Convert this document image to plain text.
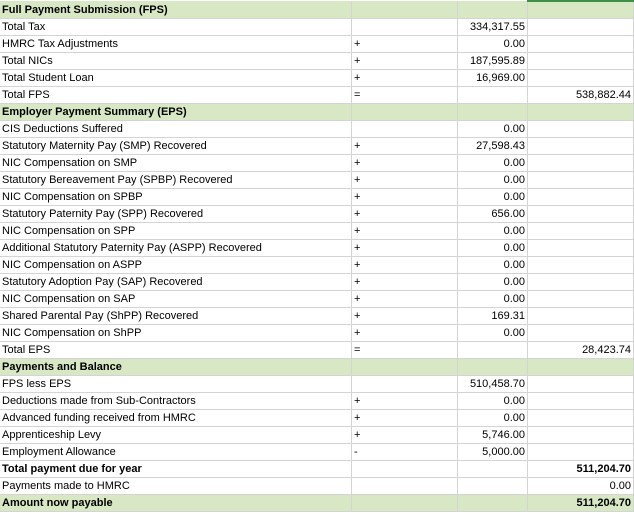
Full Payment Submission (FPS)			
Total Tax		334,317.55	
HMRC Tax Adjustments	+	0.00	
Total NICs	+	187,595.89	
Total Student Loan	+	16,969.00	
Total FPS	=		538,882.44
Employer Payment Summary (EPS)			
CIS Deductions Suffered		0.00	
Statutory Maternity Pay (SMP) Recovered	+	27,598.43	
NIC Compensation on SMP	+	0.00	
Statutory Bereavement Pay (SPBP) Recovered	+	0.00	
NIC Compensation on SPBP	+	0.00	
Statutory Paternity Pay (SPP) Recovered	+	656.00	
NIC Compensation on SPP	+	0.00	
Additional Statutory Paternity Pay (ASPP) Recovered	+	0.00	
NIC Compensation on ASPP	+	0.00	
Statutory Adoption Pay (SAP) Recovered	+	0.00	
NIC Compensation on SAP	+	0.00	
Shared Parental Pay (ShPP) Recovered	+	169.31	
NIC Compensation on ShPP	+	0.00	
Total EPS	=		28,423.74
Payments and Balance			
FPS less EPS		510,458.70	
Deductions made from Sub-Contractors	+	0.00	
Advanced funding received from HMRC	+	0.00	
Apprenticeship Levy	+	5,746.00	
Employment Allowance	-	5,000.00	
Total payment due for year			511,204.70
Payments made to HMRC			0.00
Amount now payable			511,204.70
